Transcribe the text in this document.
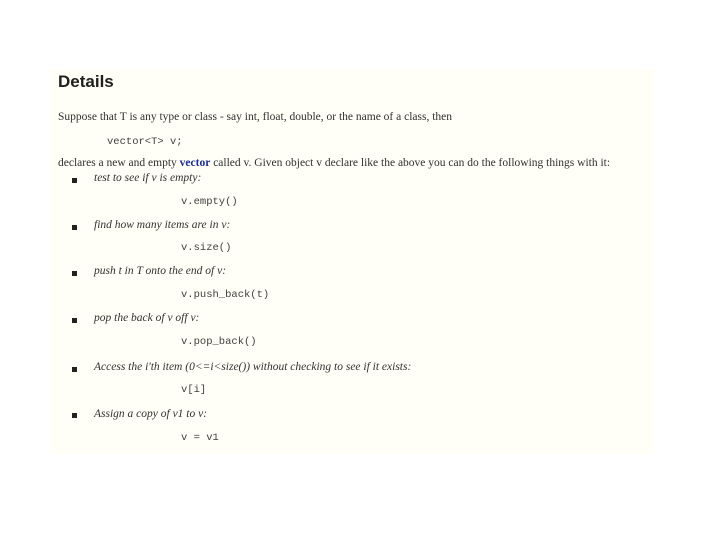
Details
Suppose that T is any type or class - say int, float, double, or the name of a class, then
vector<T> v;
declares a new and empty vector called v. Given object v declare like the above you can do the following things with it:
test to see if v is empty:
v.empty()
find how many items are in v:
v.size()
push t in T onto the end of v:
v.push_back(t)
pop the back of v off v:
v.pop_back()
Access the i'th item (0<=i<size()) without checking to see if it exists:
v[i]
Assign a copy of v1 to v:
v = v1
